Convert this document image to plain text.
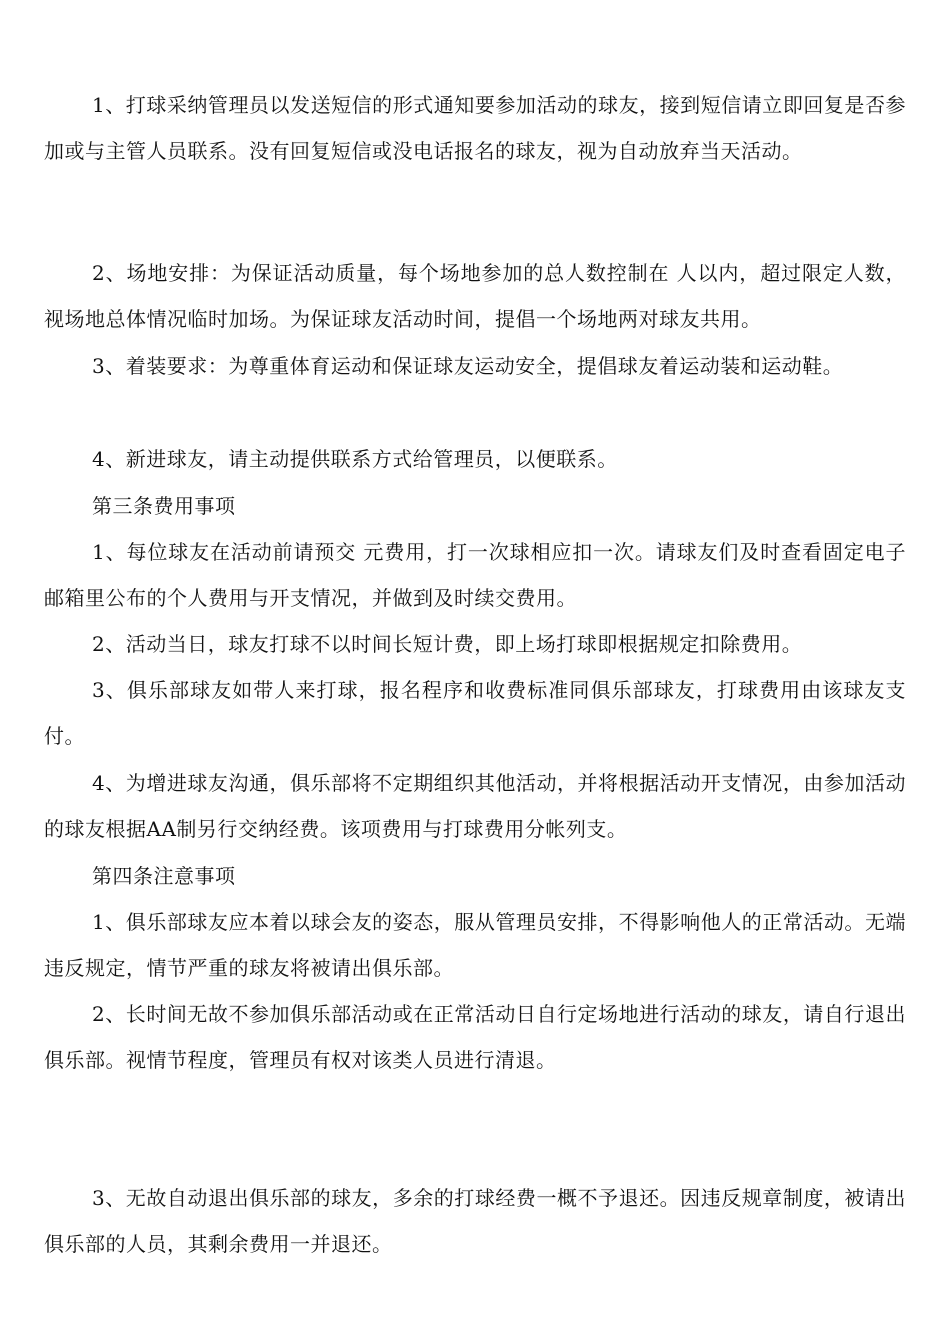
1、打球采纳管理员以发送短信的形式通知要参加活动的球友，接到短信请立即回复是否参加或与主管人员联系。没有回复短信或没电话报名的球友，视为自动放弃当天活动。

2、场地安排：为保证活动质量，每个场地参加的总人数控制在 人以内，超过限定人数，视场地总体情况临时加场。为保证球友活动时间，提倡一个场地两对球友共用。

3、着装要求：为尊重体育运动和保证球友运动安全，提倡球友着运动装和运动鞋。

4、新进球友，请主动提供联系方式给管理员，以便联系。

第三条费用事项

1、每位球友在活动前请预交 元费用，打一次球相应扣一次。请球友们及时查看固定电子邮箱里公布的个人费用与开支情况，并做到及时续交费用。

2、活动当日，球友打球不以时间长短计费，即上场打球即根据规定扣除费用。

3、俱乐部球友如带人来打球，报名程序和收费标准同俱乐部球友，打球费用由该球友支付。

4、为增进球友沟通，俱乐部将不定期组织其他活动，并将根据活动开支情况，由参加活动的球友根据AA制另行交纳经费。该项费用与打球费用分帐列支。

第四条注意事项

1、俱乐部球友应本着以球会友的姿态，服从管理员安排，不得影响他人的正常活动。无端违反规定，情节严重的球友将被请出俱乐部。

2、长时间无故不参加俱乐部活动或在正常活动日自行定场地进行活动的球友，请自行退出俱乐部。视情节程度，管理员有权对该类人员进行清退。

3、无故自动退出俱乐部的球友，多余的打球经费一概不予退还。因违反规章制度，被请出俱乐部的人员，其剩余费用一并退还。
